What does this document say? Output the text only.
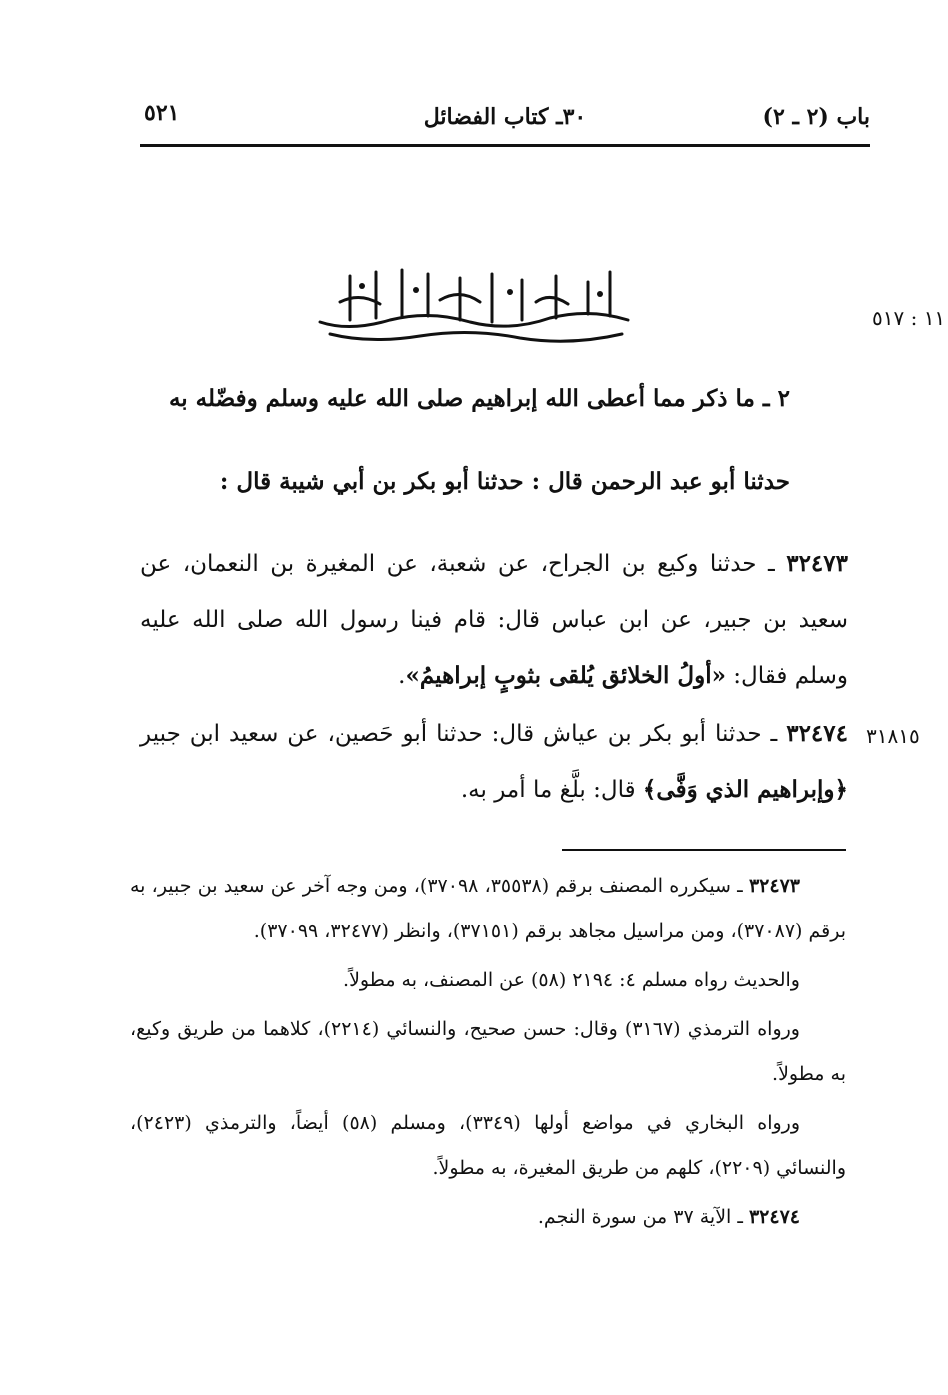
باب (٢ ـ ٢)
٣٠ـ كتاب الفضائل
٥٢١
١١ : ٥١٧
٢ ـ ما ذكر مما أعطى الله إبراهيم صلى الله عليه وسلم وفضّله به
حدثنا أبو عبد الرحمن قال : حدثنا أبو بكر بن أبي شيبة قال :
٣٢٤٧٣ ـ حدثنا وكيع بن الجراح، عن شعبة، عن المغيرة بن النعمان، عن سعيد بن جبير، عن ابن عباس قال: قام فينا رسول الله صلى الله عليه وسلم فقال: «أولُ الخلائق يُلقى بثوبٍ إبراهيمُ».
٣١٨١٥
٣٢٤٧٤ ـ حدثنا أبو بكر بن عياش قال: حدثنا أبو حَصين، عن سعيد ابن جبير ﴿وإبراهيم الذي وَفَّى﴾ قال: بلَّغ ما أمر به.

٣٢٤٧٣ ـ سيكرره المصنف برقم (٣٥٥٣٨، ٣٧٠٩٨)، ومن وجه آخر عن سعيد بن جبير، به برقم (٣٧٠٨٧)، ومن مراسيل مجاهد برقم (٣٧١٥١)، وانظر (٣٢٤٧٧، ٣٧٠٩٩).

والحديث رواه مسلم ٤: ٢١٩٤ (٥٨) عن المصنف، به مطولاً.

ورواه الترمذي (٣١٦٧) وقال: حسن صحيح، والنسائي (٢٢١٤)، كلاهما من طريق وكيع، به مطولاً.

ورواه البخاري في مواضع أولها (٣٣٤٩)، ومسلم (٥٨) أيضاً، والترمذي (٢٤٢٣)، والنسائي (٢٢٠٩)، كلهم من طريق المغيرة، به مطولاً.

٣٢٤٧٤ ـ الآية ٣٧ من سورة النجم.
